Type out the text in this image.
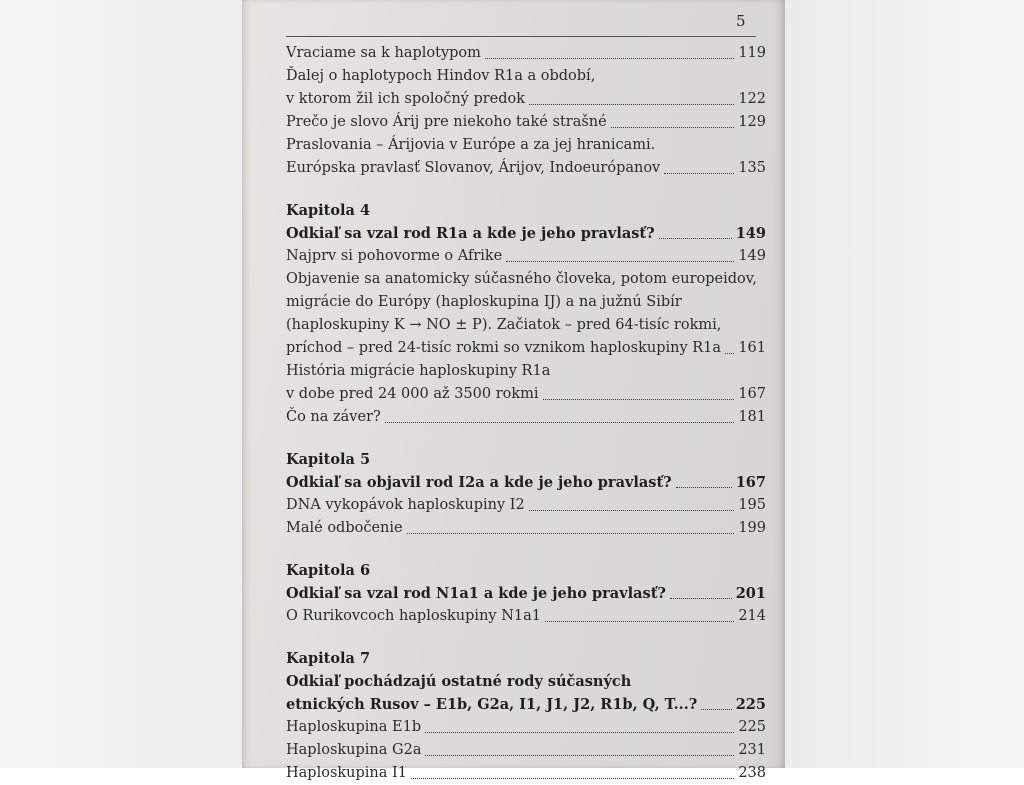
5
Vraciame sa k haplotypom	119
Ďalej o haplotypoch Hindov R1a a období,
v ktorom žil ich spoločný predok	122
Prečo je slovo Árij pre niekoho také strašné	129
Praslovania – Árijovia v Európe a za jej hranicami.
Európska pravlasť Slovanov, Árijov, Indoeurópanov	135
Kapitola 4
Odkiaľ sa vzal rod R1a a kde je jeho pravlasť?	149
Najprv si pohovorme o Afrike	149
Objavenie sa anatomicky súčasného človeka, potom europeidov,
migrácie do Európy (haploskupina IJ) a na južnú Sibír
(haploskupiny K → NO ± P). Začiatok – pred 64-tisíc rokmi,
príchod – pred 24-tisíc rokmi so vznikom haploskupiny R1a 161
História migrácie haploskupiny R1a
v dobe pred 24 000 až 3500 rokmi	167
Čo na záver?	181
Kapitola 5
Odkiaľ sa objavil rod I2a a kde je jeho pravlasť?	167
DNA vykopávok haploskupiny I2	195
Malé odbočenie	199
Kapitola 6
Odkiaľ sa vzal rod N1a1 a kde je jeho pravlasť?	201
O Rurikovcoch haploskupiny N1a1	214
Kapitola 7
Odkiaľ pochádzajú ostatné rody súčasných
etnických Rusov – E1b, G2a, I1, J1, J2, R1b, Q, T...?	225
Haploskupina E1b	225
Haploskupina G2a	231
Haploskupina I1	238
